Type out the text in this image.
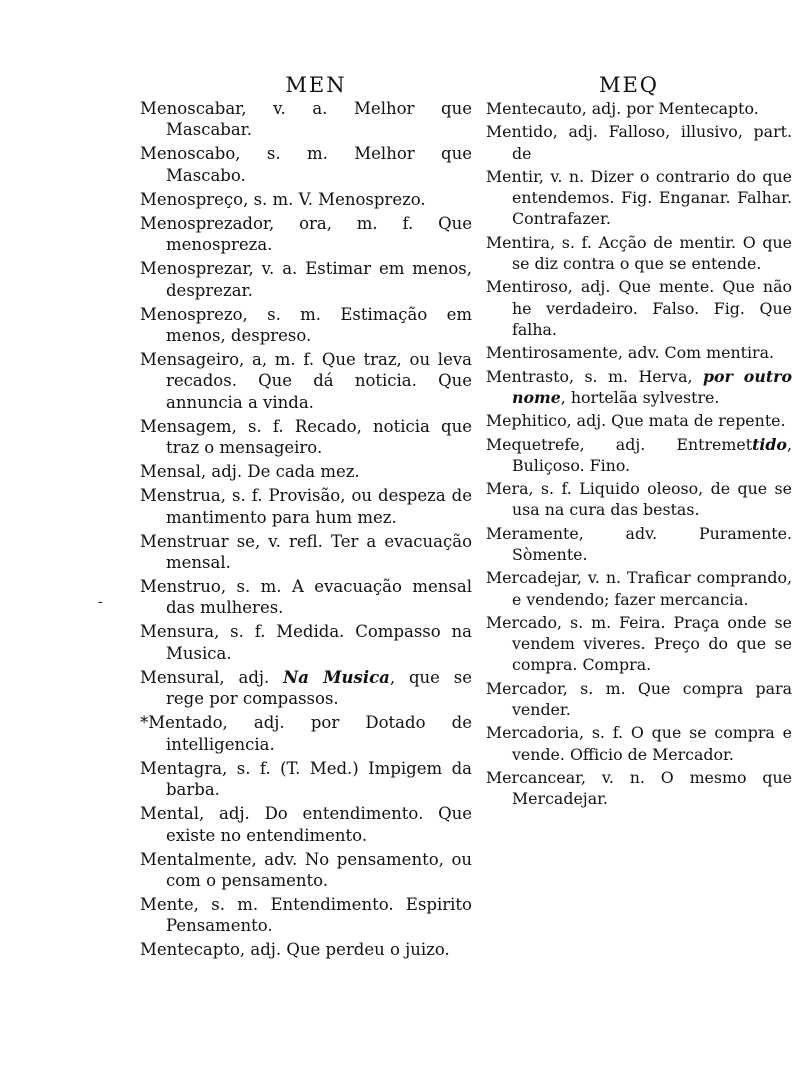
MEN

Menoscabar, v. a. Melhor que Mascabar.

Menoscabo, s. m. Melhor que Mascabo.

Menospreço, s. m. V. Menosprezo.

Menosprezador, ora, m. f. Que menospreza.

Menosprezar, v. a. Estimar em menos, desprezar.

Menosprezo, s. m. Estimação em menos, despreso.

Mensageiro, a, m. f. Que traz, ou leva recados. Que dá noticia. Que annuncia a vinda.

Mensagem, s. f. Recado, noticia que traz o mensageiro.

Mensal, adj. De cada mez.

Menstrua, s. f. Provisão, ou despeza de mantimento para hum mez.

Menstruar se, v. refl. Ter a evacuação mensal.

Menstruo, s. m. A evacuação mensal das mulheres.

Mensura, s. f. Medida. Compasso na Musica.

Mensural, adj. Na Musica, que se rege por compassos.

*Mentado, adj. por Dotado de intelligencia.

Mentagra, s. f. (T. Med.) Impigem da barba.

Mental, adj. Do entendimento. Que existe no entendimento.

Mentalmente, adv. No pensamento, ou com o pensamento.

Mente, s. m. Entendimento. Espirito Pensamento.

Mentecapto, adj. Que perdeu o juizo.

MEQ

Mentecauto, adj. por Mentecapto.

Mentido, adj. Falloso, illusivo, part. de

Mentir, v. n. Dizer o contrario do que entendemos. Fig. Enganar. Falhar. Contrafazer.

Mentira, s. f. Acção de mentir. O que se diz contra o que se entende.

Mentiroso, adj. Que mente. Que não he verdadeiro. Falso. Fig. Que falha.

Mentirosamente, adv. Com mentira.

Mentrasto, s. m. Herva, por outro nome, hortelãa sylvestre.

Mephitico, adj. Que mata de repente.

Mequetrefe, adj. Entremettido, Buliçoso. Fino.

Mera, s. f. Liquido oleoso, de que se usa na cura das bestas.

Meramente, adv. Puramente. Sòmente.

Mercadejar, v. n. Traficar comprando, e vendendo; fazer mercancia.

Mercado, s. m. Feira. Praça onde se vendem viveres. Preço do que se compra. Compra.

Mercador, s. m. Que compra para vender.

Mercadoria, s. f. O que se compra e vende. Officio de Mercador.

Mercancear, v. n. O mesmo que Mercadejar.

-
